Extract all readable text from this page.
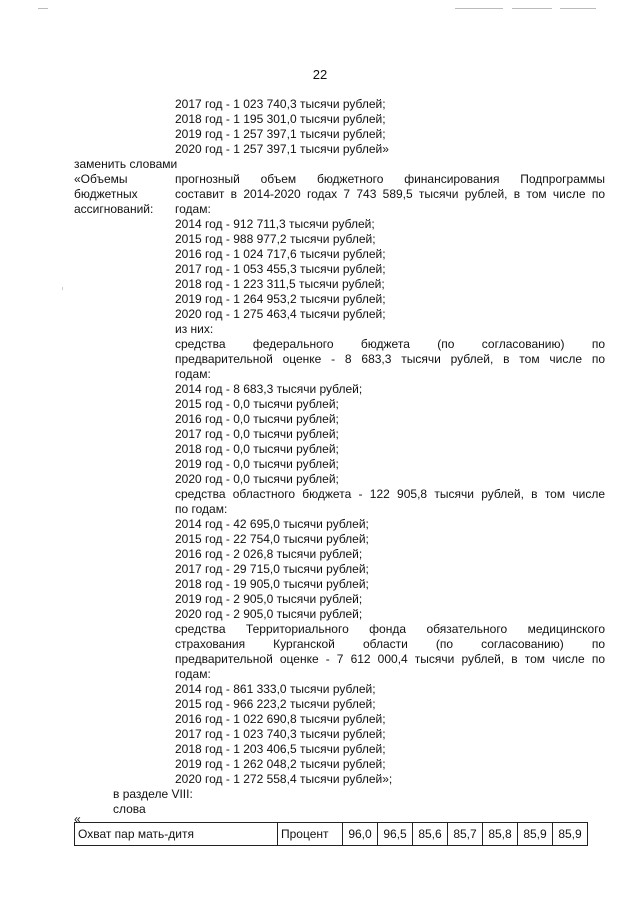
22
2017 год - 1 023 740,3 тысячи рублей;
2018 год - 1 195 301,0 тысячи рублей;
2019 год - 1 257 397,1 тысячи рублей;
2020 год - 1 257 397,1 тысячи рублей»
заменить словами
«Объемы
бюджетных
ассигнований:
прогнозный объем бюджетного финансирования Подпрограммы
составит в 2014-2020 годах 7 743 589,5 тысячи рублей, в том числе по
годам:
2014 год - 912 711,3 тысячи рублей;
2015 год - 988 977,2 тысячи рублей;
2016 год - 1 024 717,6 тысячи рублей;
2017 год - 1 053 455,3 тысячи рублей;
2018 год - 1 223 311,5 тысячи рублей;
2019 год - 1 264 953,2 тысячи рублей;
2020 год - 1 275 463,4 тысячи рублей;
из них:
средства федерального бюджета (по согласованию) по
предварительной оценке - 8 683,3 тысячи рублей, в том числе по
годам:
2014 год - 8 683,3 тысячи рублей;
2015 год - 0,0 тысячи рублей;
2016 год - 0,0 тысячи рублей;
2017 год - 0,0 тысячи рублей;
2018 год - 0,0 тысячи рублей;
2019 год - 0,0 тысячи рублей;
2020 год - 0,0 тысячи рублей;
средства областного бюджета - 122 905,8 тысячи рублей, в том числе
по годам:
2014 год - 42 695,0 тысячи рублей;
2015 год - 22 754,0 тысячи рублей;
2016 год - 2 026,8 тысячи рублей;
2017 год - 29 715,0 тысячи рублей;
2018 год - 19 905,0 тысячи рублей;
2019 год - 2 905,0 тысячи рублей;
2020 год - 2 905,0 тысячи рублей;
средства Территориального фонда обязательного медицинского
страхования Курганской области (по согласованию) по
предварительной оценке - 7 612 000,4 тысячи рублей, в том числе по
годам:
2014 год - 861 333,0 тысячи рублей;
2015 год - 966 223,2 тысячи рублей;
2016 год - 1 022 690,8 тысячи рублей;
2017 год - 1 023 740,3 тысячи рублей;
2018 год - 1 203 406,5 тысячи рублей;
2019 год - 1 262 048,2 тысячи рублей;
2020 год - 1 272 558,4 тысячи рублей»;
в разделе VIII:
слова
«
Охват пар мать-дитя	Процент	96,0	96,5	85,6	85,7	85,8	85,9	85,9
